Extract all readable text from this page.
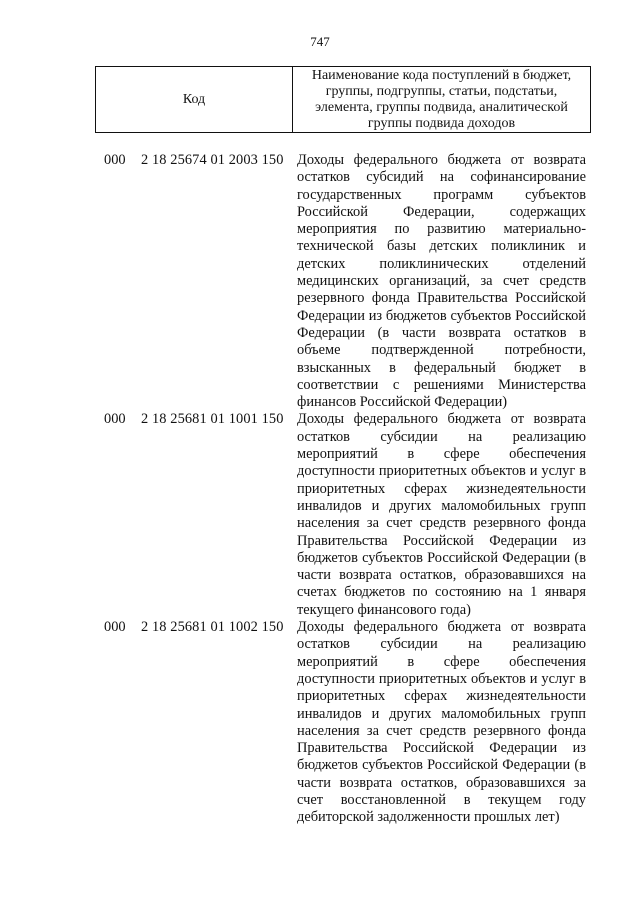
747
Код
Наименование кода поступлений в бюджет, группы, подгруппы, статьи, подстатьи, элемента, группы подвида, аналитической группы подвида доходов
000 2 18 25674 01 2003 150 Доходы федерального бюджета от возврата остатков субсидий на софинансирование государственных программ субъектов Российской Федерации, содержащих мероприятия по развитию материально-технической базы детских поликлиник и детских поликлинических отделений медицинских организаций, за счет средств резервного фонда Правительства Российской Федерации из бюджетов субъектов Российской Федерации (в части возврата остатков в объеме подтвержденной потребности, взысканных в федеральный бюджет в соответствии с решениями Министерства финансов Российской Федерации)
000 2 18 25681 01 1001 150 Доходы федерального бюджета от возврата остатков субсидии на реализацию мероприятий в сфере обеспечения доступности приоритетных объектов и услуг в приоритетных сферах жизнедеятельности инвалидов и других маломобильных групп населения за счет средств резервного фонда Правительства Российской Федерации из бюджетов субъектов Российской Федерации (в части возврата остатков, образовавшихся на счетах бюджетов по состоянию на 1 января текущего финансового года)
000 2 18 25681 01 1002 150 Доходы федерального бюджета от возврата остатков субсидии на реализацию мероприятий в сфере обеспечения доступности приоритетных объектов и услуг в приоритетных сферах жизнедеятельности инвалидов и других маломобильных групп населения за счет средств резервного фонда Правительства Российской Федерации из бюджетов субъектов Российской Федерации (в части возврата остатков, образовавшихся за счет восстановленной в текущем году дебиторской задолженности прошлых лет)
